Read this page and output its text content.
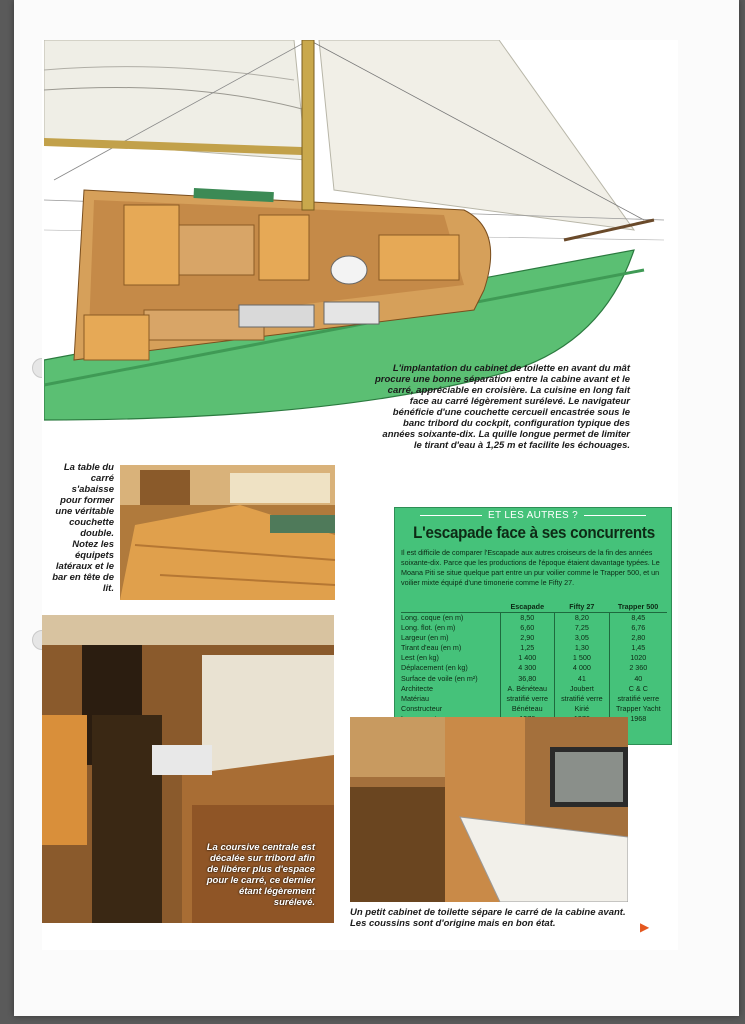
L'implantation du cabinet de toilette en avant du mât procure une bonne séparation entre la cabine avant et le carré, appréciable en croisière. La cuisine en long fait face au carré légèrement surélevé. Le navigateur bénéficie d'une couchette cercueil encastrée sous le banc tribord du cockpit, configuration typique des années soixante-dix. La quille longue permet de limiter le tirant d'eau à 1,25 m et facilite les échouages.
La table du carré s'abaisse pour former une véritable couchette double. Notez les équipets latéraux et le bar en tête de lit.
ET LES AUTRES ?
L'escapade face à ses concurrents
Il est difficile de comparer l'Escapade aux autres croiseurs de la fin des années soixante-dix. Parce que les productions de l'époque étaient davantage typées. Le Moana Piti se situe quelque part entre un pur voilier comme le Trapper 500, et un voilier mixte équipé d'une timonerie comme le Fifty 27.
	Escapade	Fifty 27	Trapper 500
Long. coque (en m)	8,50	8,20	8,45
Long. flot. (en m)	6,60	7,25	6,76
Largeur (en m)	2,90	3,05	2,80
Tirant d'eau (en m)	1,25	1,30	1,45
Lest (en kg)	1 400	1 500	1020
Déplacement (en kg)	4 300	4 000	2 360
Surface de voile (en m²)	36,80	41	40
Architecte	A. Bénéteau	Joubert	C & C
Matériau	stratifié verre	stratifié verre	stratifié verre
Constructeur	Bénéteau	Kirié	Trapper Yacht
			1968
La coursive centrale est décalée sur tribord afin de libérer plus d'espace pour le carré, ce dernier étant légèrement surélevé.
Un petit cabinet de toilette sépare le carré de la cabine avant. Les coussins sont d'origine mais en bon état.	▶
